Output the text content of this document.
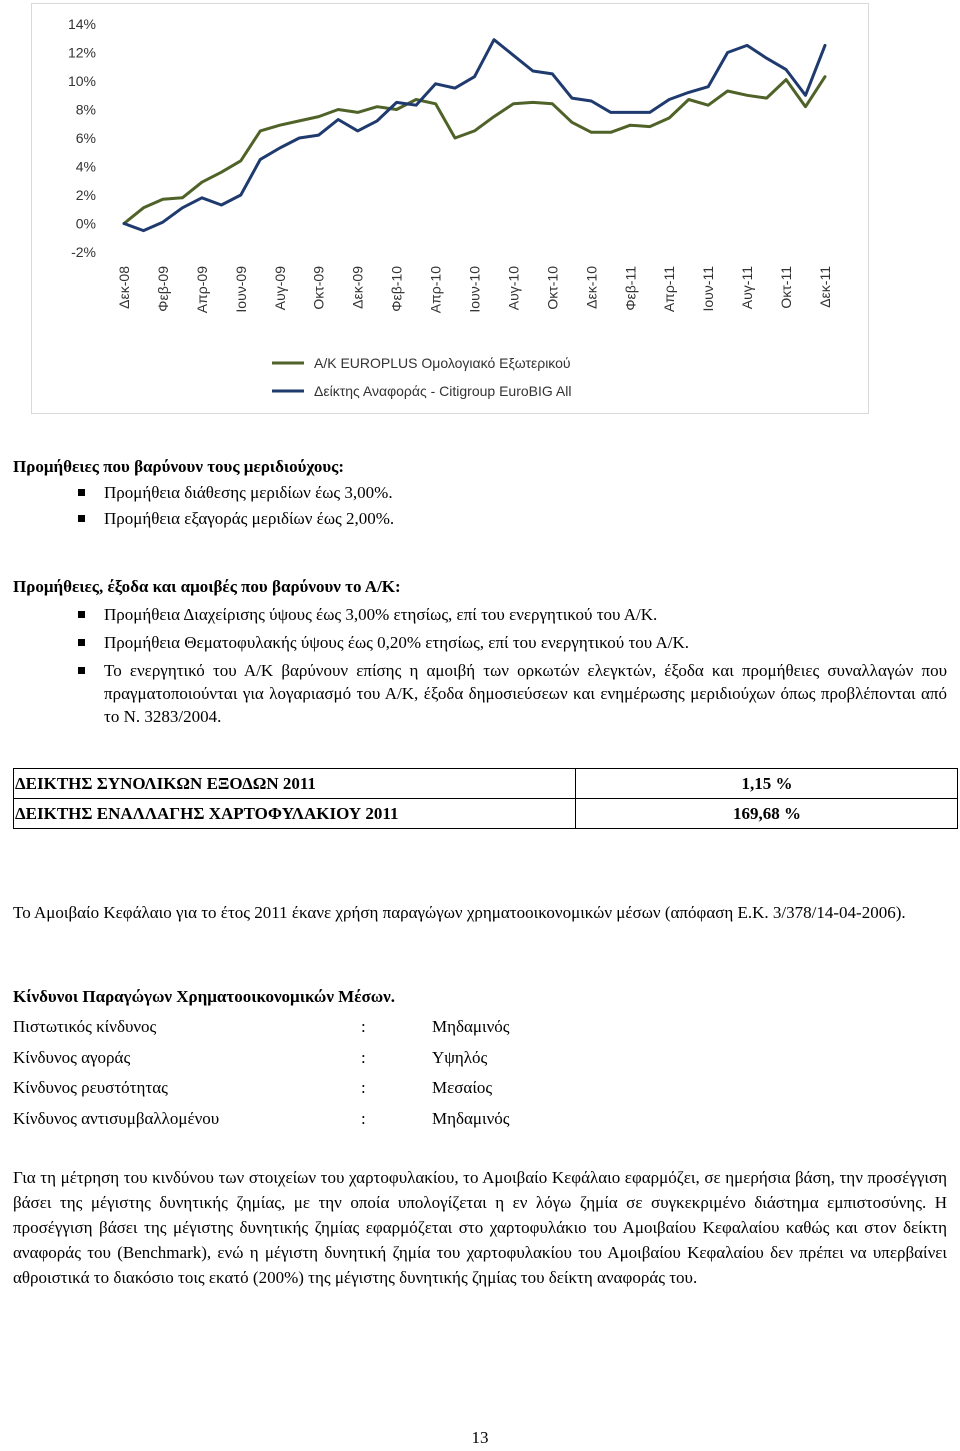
14%
12%
10%
8%
6%
4%
2%
0%
-2%
Δεκ-08 Φεβ-09 Απρ-09 Ιουν-09 Αυγ-09 Οκτ-09 Δεκ-09 Φεβ-10 Απρ-10 Ιουν-10 Αυγ-10 Οκτ-10 Δεκ-10 Φεβ-11 Απρ-11 Ιουν-11 Αυγ-11 Οκτ-11 Δεκ-11
Α/Κ EUROPLUS Ομολογιακό Εξωτερικού
Δείκτης Αναφοράς - Citigroup EuroBIG All
Προμήθειες που βαρύνουν τους μεριδιούχους:
Προμήθεια διάθεσης μεριδίων έως 3,00%.
Προμήθεια εξαγοράς μεριδίων έως 2,00%.
Προμήθειες, έξοδα και αμοιβές που βαρύνουν το Α/Κ:
Προμήθεια Διαχείρισης ύψους έως 3,00% ετησίως, επί του ενεργητικού του Α/Κ.
Προμήθεια Θεματοφυλακής ύψους έως 0,20% ετησίως, επί του ενεργητικού του Α/Κ.
Το ενεργητικό του Α/Κ βαρύνουν επίσης η αμοιβή των ορκωτών ελεγκτών, έξοδα και προμήθειες συναλλαγών που πραγματοποιούνται για λογαριασμό του Α/Κ, έξοδα δημοσιεύσεων και ενημέρωσης μεριδιούχων όπως προβλέπονται από το Ν. 3283/2004.
ΔΕΙΚΤΗΣ ΣΥΝΟΛΙΚΩΝ ΕΞΟΔΩΝ 2011	1,15 %
ΔΕΙΚΤΗΣ ΕΝΑΛΛΑΓΗΣ ΧΑΡΤΟΦΥΛΑΚΙΟΥ 2011	169,68 %
Το Αμοιβαίο Κεφάλαιο για το έτος 2011 έκανε χρήση παραγώγων χρηματοοικονομικών μέσων (απόφαση Ε.Κ. 3/378/14-04-2006).
Κίνδυνοι Παραγώγων Χρηματοοικονομικών Μέσων.
Πιστωτικός κίνδυνος	:	Μηδαμινός
Κίνδυνος αγοράς	:	Υψηλός
Κίνδυνος ρευστότητας	:	Μεσαίος
Κίνδυνος αντισυμβαλλομένου	:	Μηδαμινός
Για τη μέτρηση του κινδύνου των στοιχείων του χαρτοφυλακίου, το Αμοιβαίο Κεφάλαιο εφαρμόζει, σε ημερήσια βάση, την προσέγγιση βάσει της μέγιστης δυνητικής ζημίας, με την οποία υπολογίζεται η εν λόγω ζημία σε συγκεκριμένο διάστημα εμπιστοσύνης. Η προσέγγιση βάσει της μέγιστης δυνητικής ζημίας εφαρμόζεται στο χαρτοφυλάκιο του Αμοιβαίου Κεφαλαίου καθώς και στον δείκτη αναφοράς του (Benchmark), ενώ η μέγιστη δυνητική ζημία του χαρτοφυλακίου του Αμοιβαίου Κεφαλαίου δεν πρέπει να υπερβαίνει αθροιστικά το διακόσιο τοις εκατό (200%) της μέγιστης δυνητικής ζημίας του δείκτη αναφοράς του.
13
